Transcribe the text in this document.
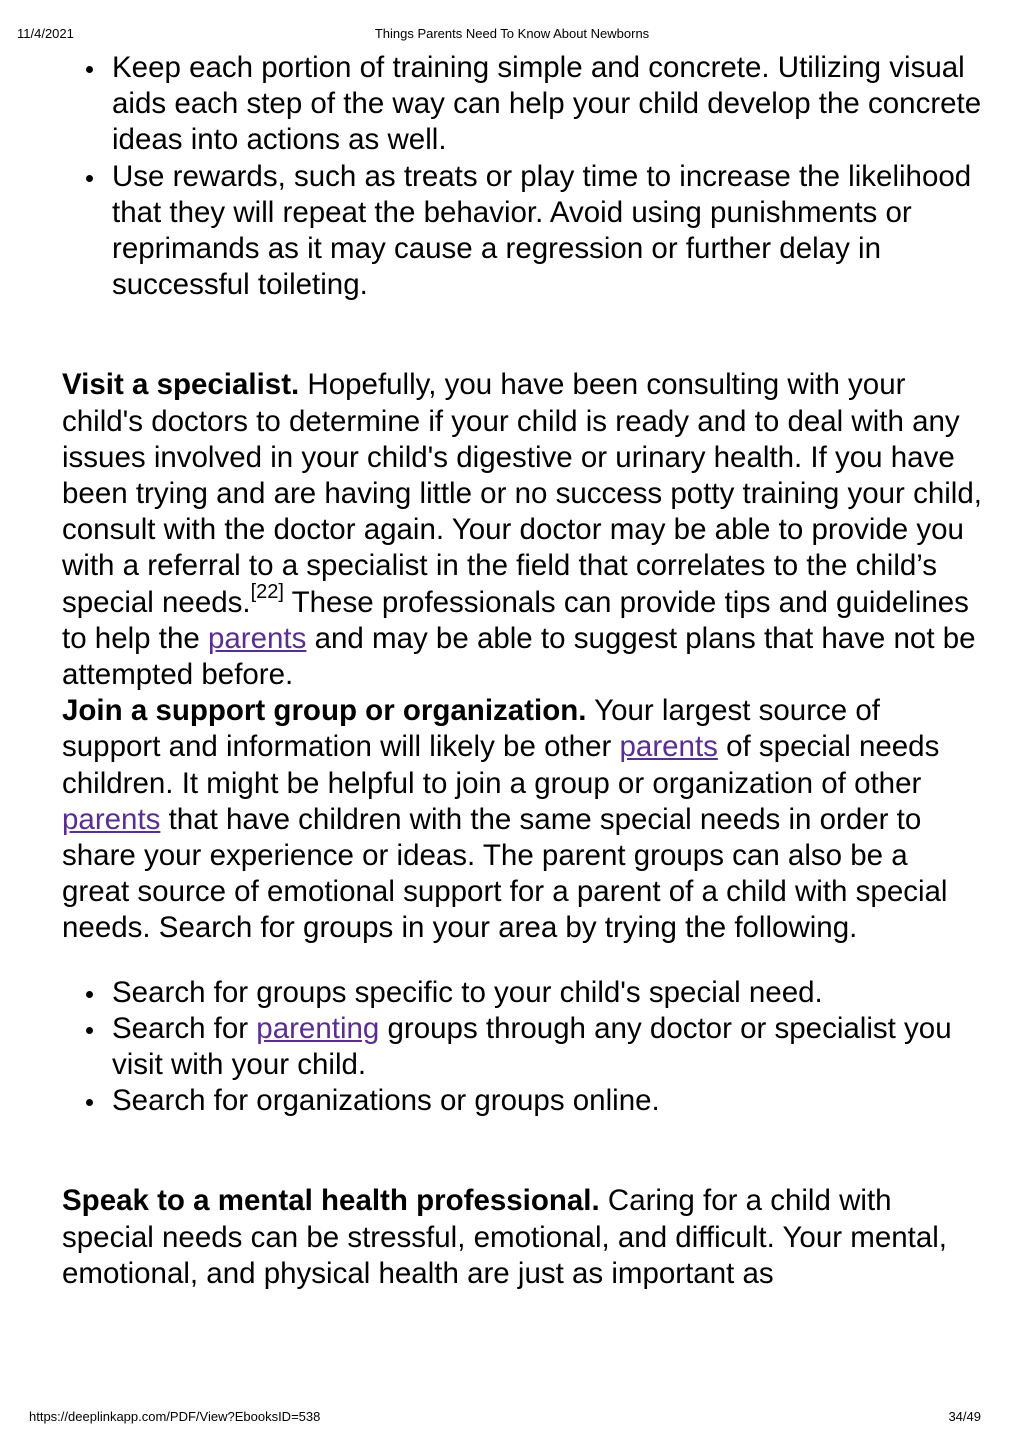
11/4/2021	Things Parents Need To Know About Newborns
Keep each portion of training simple and concrete. Utilizing visual aids each step of the way can help your child develop the concrete ideas into actions as well.
Use rewards, such as treats or play time to increase the likelihood that they will repeat the behavior. Avoid using punishments or reprimands as it may cause a regression or further delay in successful toileting.

Visit a specialist. Hopefully, you have been consulting with your child's doctors to determine if your child is ready and to deal with any issues involved in your child's digestive or urinary health. If you have been trying and are having little or no success potty training your child, consult with the doctor again. Your doctor may be able to provide you with a referral to a specialist in the field that correlates to the child’s special needs.[22] These professionals can provide tips and guidelines to help the parents and may be able to suggest plans that have not be attempted before.

Join a support group or organization. Your largest source of support and information will likely be other parents of special needs children. It might be helpful to join a group or organization of other parents that have children with the same special needs in order to share your experience or ideas. The parent groups can also be a great source of emotional support for a parent of a child with special needs. Search for groups in your area by trying the following.

Search for groups specific to your child's special need.
Search for parenting groups through any doctor or specialist you visit with your child.
Search for organizations or groups online.

Speak to a mental health professional. Caring for a child with special needs can be stressful, emotional, and difficult. Your mental, emotional, and physical health are just as important as

https://deeplinkapp.com/PDF/View?EbooksID=538	34/49
